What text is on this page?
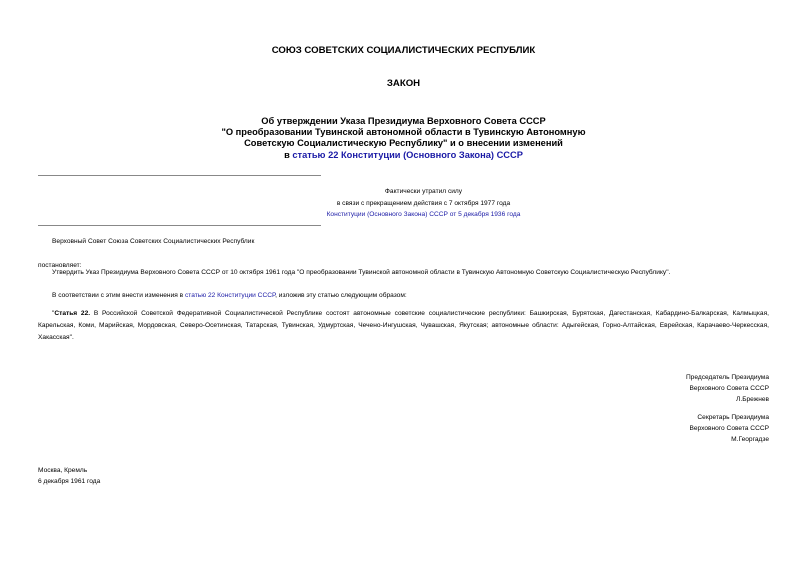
СОЮЗ СОВЕТСКИХ СОЦИАЛИСТИЧЕСКИХ РЕСПУБЛИК
ЗАКОН
Об утверждении Указа Президиума Верховного Совета СССР
"О преобразовании Тувинской автономной области в Тувинскую Автономную
Советскую Социалистическую Республику" и о внесении изменений
в статью 22 Конституции (Основного Закона) СССР
Фактически утратил силу
в связи с прекращением действия с 7 октября 1977 года
Конституции (Основного Закона) СССР от 5 декабря 1936 года
Верховный Совет Союза Советских Социалистических Республик
постановляет:
Утвердить Указ Президиума Верховного Совета СССР от 10 октября 1961 года "О преобразовании Тувинской автономной области в Тувинскую Автономную Советскую Социалистическую Республику".
В соответствии с этим внести изменения в статью 22 Конституции СССР, изложив эту статью следующим образом:
"Статья 22. В Российской Советской Федеративной Социалистической Республике состоят автономные советские социалистические республики: Башкирская, Бурятская, Дагестанская, Кабардино-Балкарская, Калмыцкая, Карельская, Коми, Марийская, Мордовская, Северо-Осетинская, Татарская, Тувинская, Удмуртская, Чечено-Ингушская, Чувашская, Якутская; автономные области: Адыгейская, Горно-Алтайская, Еврейская, Карачаево-Черкесская, Хакасская".
Председатель Президиума
Верховного Совета СССР
Л.Брежнев
Секретарь Президиума
Верховного Совета СССР
М.Георгадзе
Москва, Кремль
6 декабря 1961 года
